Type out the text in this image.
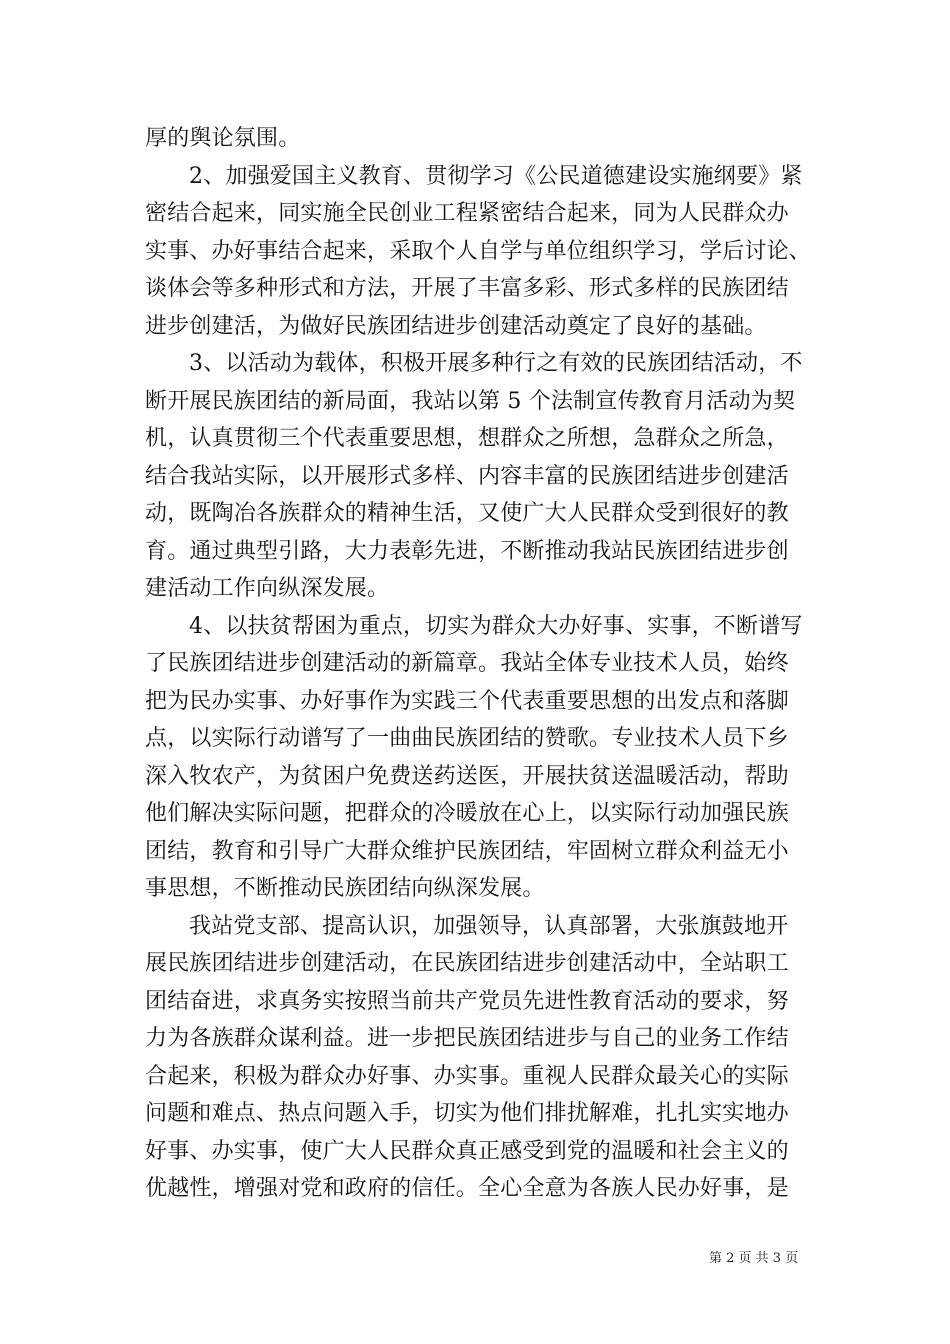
厚的舆论氛围。
2、加强爱国主义教育、贯彻学习《公民道德建设实施纲要》紧
密结合起来，同实施全民创业工程紧密结合起来，同为人民群众办
实事、办好事结合起来，采取个人自学与单位组织学习，学后讨论、
谈体会等多种形式和方法，开展了丰富多彩、形式多样的民族团结
进步创建活，为做好民族团结进步创建活动奠定了良好的基础。
3、以活动为载体，积极开展多种行之有效的民族团结活动，不
断开展民族团结的新局面，我站以第 5 个法制宣传教育月活动为契
机，认真贯彻三个代表重要思想，想群众之所想，急群众之所急，
结合我站实际，以开展形式多样、内容丰富的民族团结进步创建活
动，既陶冶各族群众的精神生活，又使广大人民群众受到很好的教
育。通过典型引路，大力表彰先进，不断推动我站民族团结进步创
建活动工作向纵深发展。
4、以扶贫帮困为重点，切实为群众大办好事、实事，不断谱写
了民族团结进步创建活动的新篇章。我站全体专业技术人员，始终
把为民办实事、办好事作为实践三个代表重要思想的出发点和落脚
点，以实际行动谱写了一曲曲民族团结的赞歌。专业技术人员下乡
深入牧农产，为贫困户免费送药送医，开展扶贫送温暖活动，帮助
他们解决实际问题，把群众的冷暖放在心上，以实际行动加强民族
团结，教育和引导广大群众维护民族团结，牢固树立群众利益无小
事思想，不断推动民族团结向纵深发展。
我站党支部、提高认识，加强领导，认真部署，大张旗鼓地开
展民族团结进步创建活动，在民族团结进步创建活动中，全站职工
团结奋进，求真务实按照当前共产党员先进性教育活动的要求，努
力为各族群众谋利益。进一步把民族团结进步与自己的业务工作结
合起来，积极为群众办好事、办实事。重视人民群众最关心的实际
问题和难点、热点问题入手，切实为他们排扰解难，扎扎实实地办
好事、办实事，使广大人民群众真正感受到党的温暖和社会主义的
优越性，增强对党和政府的信任。全心全意为各族人民办好事，是
第 2 页 共 3 页
